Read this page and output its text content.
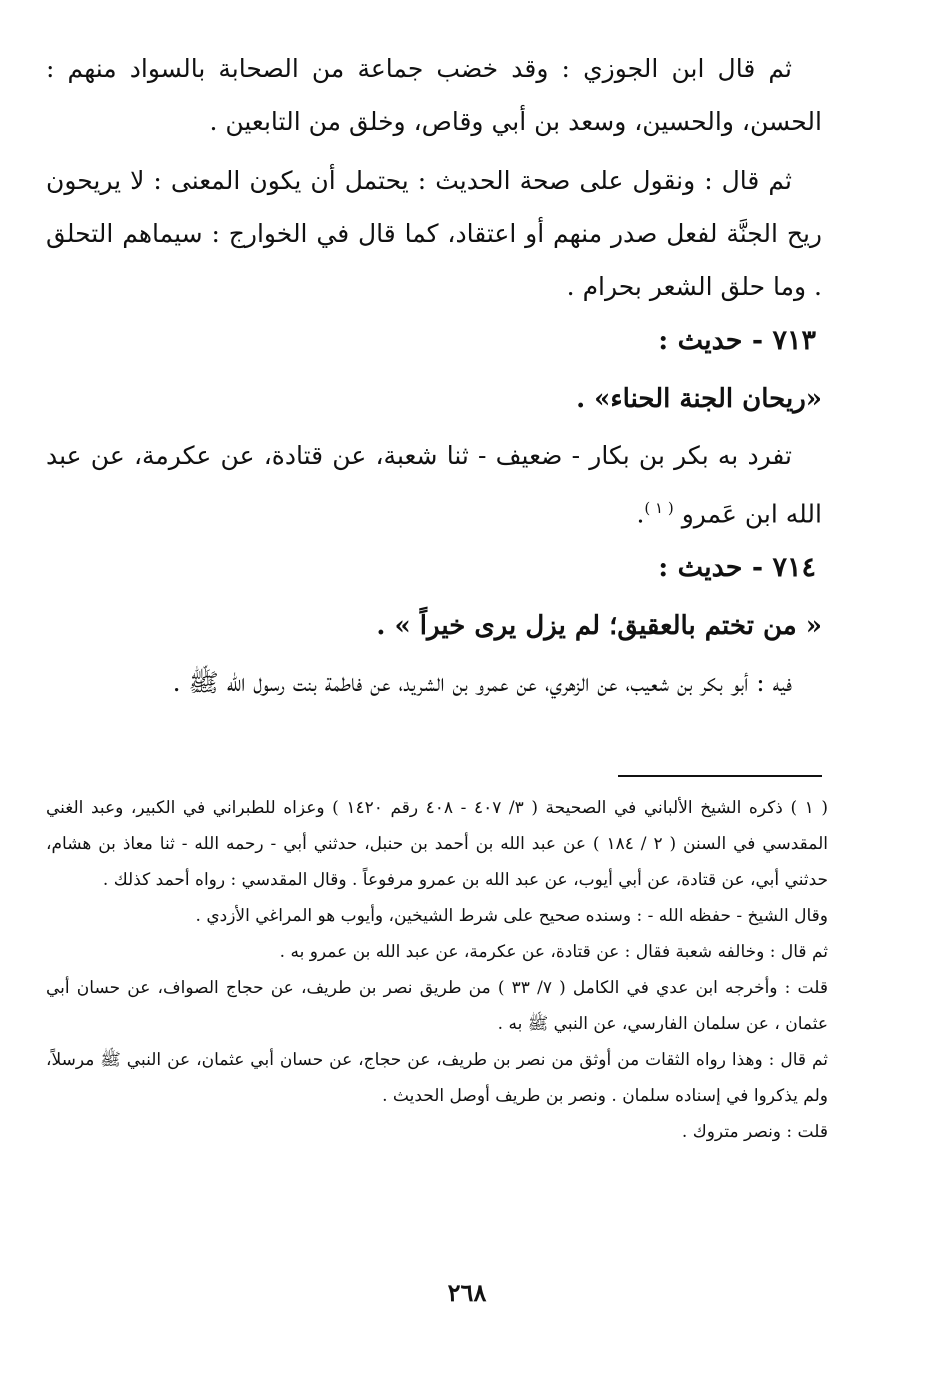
ثم قال ابن الجوزي : وقد خضب جماعة من الصحابة بالسواد منهم : الحسن، والحسين، وسعد بن أبي وقاص، وخلق من التابعين .

ثم قال : ونقول على صحة الحديث : يحتمل أن يكون المعنى : لا يريحون ريح الجنَّة لفعل صدر منهم أو اعتقاد، كما قال في الخوارج : سيماهم التحلق . وما حلق الشعر بحرام .

٧١٣ - حديث :

«ريحان الجنة الحناء» .

تفرد به بكر بن بكار - ضعيف - ثنا شعبة، عن قتادة، عن عكرمة، عن عبد الله ابن عَمرو $^{( ١ )}$.

٧١٤ - حديث :

« من تختم بالعقيق؛ لم يزل يرى خيراً » .

فيه : أبو بكر بن شعيب، عن الزهري، عن عمرو بن الشريد، عن فاطمة بنت رسول الله ﷺ .

( ١ ) ذكره الشيخ الألباني في الصحيحة ( ٣/ ٤٠٧ - ٤٠٨ رقم ١٤٢٠ ) وعزاه للطبراني في الكبير، وعبد الغني المقدسي في السنن ( ٢ / ١٨٤ ) عن عبد الله بن أحمد بن حنبل، حدثني أبي - رحمه الله - ثنا معاذ بن هشام، حدثني أبي، عن قتادة، عن أبي أيوب، عن عبد الله بن عمرو مرفوعاً . وقال المقدسي : رواه أحمد كذلك .

وقال الشيخ - حفظه الله - : وسنده صحيح على شرط الشيخين، وأيوب هو المراغي الأزدي .

ثم قال : وخالفه شعبة فقال : عن قتادة، عن عكرمة، عن عبد الله بن عمرو به .

قلت : وأخرجه ابن عدي في الكامل ( ٧/ ٣٣ ) من طريق نصر بن طريف، عن حجاج الصواف، عن حسان أبي عثمان ، عن سلمان الفارسي، عن النبي ﷺ به .

ثم قال : وهذا رواه الثقات من أوثق من نصر بن طريف، عن حجاج، عن حسان أبي عثمان، عن النبي ﷺ مرسلاً، ولم يذكروا في إسناده سلمان . ونصر بن طريف أوصل الحديث .

قلت : ونصر متروك .

٢٦٨
